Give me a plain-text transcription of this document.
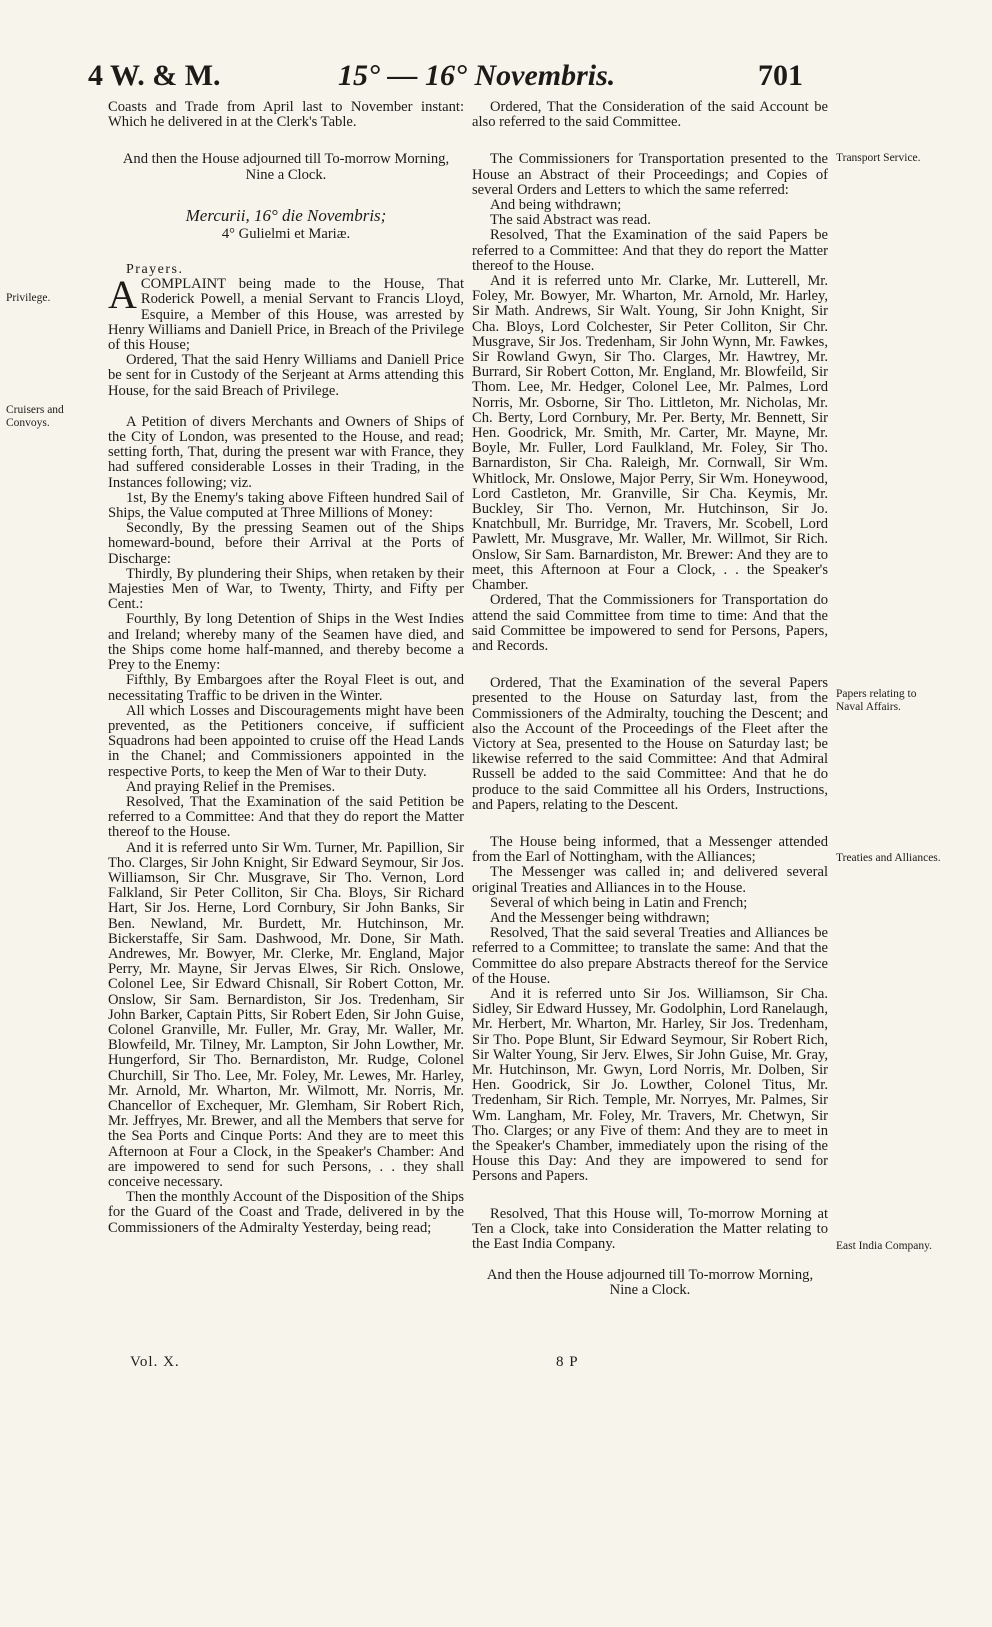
4 W. & M.	15° — 16° Novembris.	701

Coasts and Trade from April last to November instant: Which he delivered in at the Clerk's Table.

And then the House adjourned till To-morrow Morning, Nine a Clock.

Mercurii, 16° die Novembris;

4° Gulielmi et Mariæ.

Prayers.

ACOMPLAINT being made to the House, That Roderick Powell, a menial Servant to Francis Lloyd, Esquire, a Member of this House, was arrested by Henry Williams and Daniell Price, in Breach of the Privilege of this House;

Ordered, That the said Henry Williams and Daniell Price be sent for in Custody of the Serjeant at Arms attending this House, for the said Breach of Privilege.

A Petition of divers Merchants and Owners of Ships of the City of London, was presented to the House, and read; setting forth, That, during the present war with France, they had suffered considerable Losses in their Trading, in the Instances following; viz.

1st, By the Enemy's taking above Fifteen hundred Sail of Ships, the Value computed at Three Millions of Money:

Secondly, By the pressing Seamen out of the Ships homeward-bound, before their Arrival at the Ports of Discharge:

Thirdly, By plundering their Ships, when retaken by their Majesties Men of War, to Twenty, Thirty, and Fifty per Cent.:

Fourthly, By long Detention of Ships in the West Indies and Ireland; whereby many of the Seamen have died, and the Ships come home half-manned, and thereby become a Prey to the Enemy:

Fifthly, By Embargoes after the Royal Fleet is out, and necessitating Traffic to be driven in the Winter.

All which Losses and Discouragements might have been prevented, as the Petitioners conceive, if sufficient Squadrons had been appointed to cruise off the Head Lands in the Chanel; and Commissioners appointed in the respective Ports, to keep the Men of War to their Duty.

And praying Relief in the Premises.

Resolved, That the Examination of the said Petition be referred to a Committee: And that they do report the Matter thereof to the House.

And it is referred unto Sir Wm. Turner, Mr. Papillion, Sir Tho. Clarges, Sir John Knight, Sir Edward Seymour, Sir Jos. Williamson, Sir Chr. Musgrave, Sir Tho. Vernon, Lord Falkland, Sir Peter Colliton, Sir Cha. Bloys, Sir Richard Hart, Sir Jos. Herne, Lord Cornbury, Sir John Banks, Sir Ben. Newland, Mr. Burdett, Mr. Hutchinson, Mr. Bickerstaffe, Sir Sam. Dashwood, Mr. Done, Sir Math. Andrewes, Mr. Bowyer, Mr. Clerke, Mr. England, Major Perry, Mr. Mayne, Sir Jervas Elwes, Sir Rich. Onslowe, Colonel Lee, Sir Edward Chisnall, Sir Robert Cotton, Mr. Onslow, Sir Sam. Bernardiston, Sir Jos. Tredenham, Sir John Barker, Captain Pitts, Sir Robert Eden, Sir John Guise, Colonel Granville, Mr. Fuller, Mr. Gray, Mr. Waller, Mr. Blowfeild, Mr. Tilney, Mr. Lampton, Sir John Lowther, Mr. Hungerford, Sir Tho. Bernardiston, Mr. Rudge, Colonel Churchill, Sir Tho. Lee, Mr. Foley, Mr. Lewes, Mr. Harley, Mr. Arnold, Mr. Wharton, Mr. Wilmott, Mr. Norris, Mr. Chancellor of Exchequer, Mr. Glemham, Sir Robert Rich, Mr. Jeffryes, Mr. Brewer, and all the Members that serve for the Sea Ports and Cinque Ports: And they are to meet this Afternoon at Four a Clock, in the Speaker's Chamber: And are impowered to send for such Persons, . . they shall conceive necessary.

Then the monthly Account of the Disposition of the Ships for the Guard of the Coast and Trade, delivered in by the Commissioners of the Admiralty Yesterday, being read;

Ordered, That the Consideration of the said Account be also referred to the said Committee.

The Commissioners for Transportation presented to the House an Abstract of their Proceedings; and Copies of several Orders and Letters to which the same referred:

And being withdrawn;

The said Abstract was read.

Resolved, That the Examination of the said Papers be referred to a Committee: And that they do report the Matter thereof to the House.

And it is referred unto Mr. Clarke, Mr. Lutterell, Mr. Foley, Mr. Bowyer, Mr. Wharton, Mr. Arnold, Mr. Harley, Sir Math. Andrews, Sir Walt. Young, Sir John Knight, Sir Cha. Bloys, Lord Colchester, Sir Peter Colliton, Sir Chr. Musgrave, Sir Jos. Tredenham, Sir John Wynn, Mr. Fawkes, Sir Rowland Gwyn, Sir Tho. Clarges, Mr. Hawtrey, Mr. Burrard, Sir Robert Cotton, Mr. England, Mr. Blowfeild, Sir Thom. Lee, Mr. Hedger, Colonel Lee, Mr. Palmes, Lord Norris, Mr. Osborne, Sir Tho. Littleton, Mr. Nicholas, Mr. Ch. Berty, Lord Cornbury, Mr. Per. Berty, Mr. Bennett, Sir Hen. Goodrick, Mr. Smith, Mr. Carter, Mr. Mayne, Mr. Boyle, Mr. Fuller, Lord Faulkland, Mr. Foley, Sir Tho. Barnardiston, Sir Cha. Raleigh, Mr. Cornwall, Sir Wm. Whitlock, Mr. Onslowe, Major Perry, Sir Wm. Honeywood, Lord Castleton, Mr. Granville, Sir Cha. Keymis, Mr. Buckley, Sir Tho. Vernon, Mr. Hutchinson, Sir Jo. Knatchbull, Mr. Burridge, Mr. Travers, Mr. Scobell, Lord Pawlett, Mr. Musgrave, Mr. Waller, Mr. Willmot, Sir Rich. Onslow, Sir Sam. Barnardiston, Mr. Brewer: And they are to meet, this Afternoon at Four a Clock, . . the Speaker's Chamber.

Ordered, That the Commissioners for Transportation do attend the said Committee from time to time: And that the said Committee be impowered to send for Persons, Papers, and Records.

Ordered, That the Examination of the several Papers presented to the House on Saturday last, from the Commissioners of the Admiralty, touching the Descent; and also the Account of the Proceedings of the Fleet after the Victory at Sea, presented to the House on Saturday last; be likewise referred to the said Committee: And that Admiral Russell be added to the said Committee: And that he do produce to the said Committee all his Orders, Instructions, and Papers, relating to the Descent.

The House being informed, that a Messenger attended from the Earl of Nottingham, with the Alliances;

The Messenger was called in; and delivered several original Treaties and Alliances in to the House.

Several of which being in Latin and French;

And the Messenger being withdrawn;

Resolved, That the said several Treaties and Alliances be referred to a Committee; to translate the same: And that the Committee do also prepare Abstracts thereof for the Service of the House.

And it is referred unto Sir Jos. Williamson, Sir Cha. Sidley, Sir Edward Hussey, Mr. Godolphin, Lord Ranelaugh, Mr. Herbert, Mr. Wharton, Mr. Harley, Sir Jos. Tredenham, Sir Tho. Pope Blunt, Sir Edward Seymour, Sir Robert Rich, Sir Walter Young, Sir Jerv. Elwes, Sir John Guise, Mr. Gray, Mr. Hutchinson, Mr. Gwyn, Lord Norris, Mr. Dolben, Sir Hen. Goodrick, Sir Jo. Lowther, Colonel Titus, Mr. Tredenham, Sir Rich. Temple, Mr. Norryes, Mr. Palmes, Sir Wm. Langham, Mr. Foley, Mr. Travers, Mr. Chetwyn, Sir Tho. Clarges; or any Five of them: And they are to meet in the Speaker's Chamber, immediately upon the rising of the House this Day: And they are impowered to send for Persons and Papers.

Resolved, That this House will, To-morrow Morning at Ten a Clock, take into Consideration the Matter relating to the East India Company.

And then the House adjourned till To-morrow Morning, Nine a Clock.

Privilege.
Cruisers and Convoys.
Transport Service.
Papers relating to Naval Affairs.
Treaties and Alliances.
East India Company.
Vol. X.	8 P
